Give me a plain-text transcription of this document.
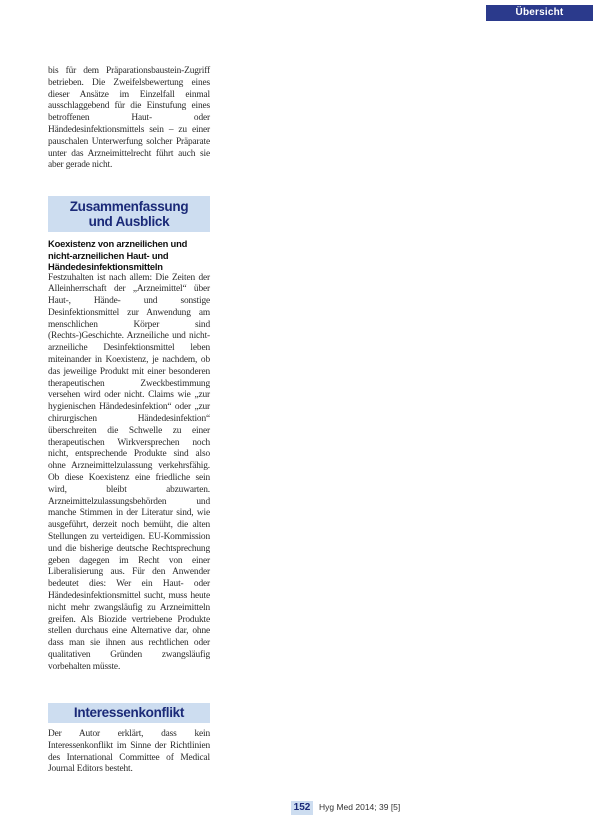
Übersicht

bis für dem Präparationsbaustein-Zugriff betrieben. Die Zweifelsbewertung eines dieser Ansätze im Einzelfall einmal ausschlaggebend für die Einstufung eines betroffenen Haut- oder Händedesinfektionsmittels sein – zu einer pauschalen Unterwerfung solcher Präparate unter das Arzneimittelrecht führt auch sie aber gerade nicht.

Zusammenfassung
und Ausblick

Koexistenz von arzneilichen und nicht-arzneilichen Haut- und Händedesinfektionsmitteln

Festzuhalten ist nach allem: Die Zeiten der Alleinherrschaft der „Arzneimittel“ über Haut-, Hände- und sonstige Desinfektionsmittel zur Anwendung am menschlichen Körper sind (Rechts-)Geschichte. Arzneiliche und nicht-arzneiliche Desinfektionsmittel leben miteinander in Koexistenz, je nachdem, ob das jeweilige Produkt mit einer besonderen therapeutischen Zweckbestimmung versehen wird oder nicht. Claims wie „zur hygienischen Händedesinfektion“ oder „zur chirurgischen Händedesinfektion“ überschreiten die Schwelle zu einer therapeutischen Wirkversprechen noch nicht, entsprechende Produkte sind also ohne Arzneimittelzulassung verkehrsfähig. Ob diese Koexistenz eine friedliche sein wird, bleibt abzuwarten. Arzneimittelzulassungsbehörden und manche Stimmen in der Literatur sind, wie ausgeführt, derzeit noch bemüht, die alten Stellungen zu verteidigen. EU-Kommission und die bisherige deutsche Rechtsprechung geben dagegen im Recht von einer Liberalisierung aus. Für den Anwender bedeutet dies: Wer ein Haut- oder Händedesinfektionsmittel sucht, muss heute nicht mehr zwangsläufig zu Arzneimitteln greifen. Als Biozide vertriebene Produkte stellen durchaus eine Alternative dar, ohne dass man sie ihnen aus rechtlichen oder qualitativen Gründen zwangsläufig vorbehalten müsste.

Interessenkonflikt

Der Autor erklärt, dass kein Interessenkonflikt im Sinne der Richtlinien des International Committee of Medical Journal Editors besteht.

152 Hyg Med 2014; 39 [5]
